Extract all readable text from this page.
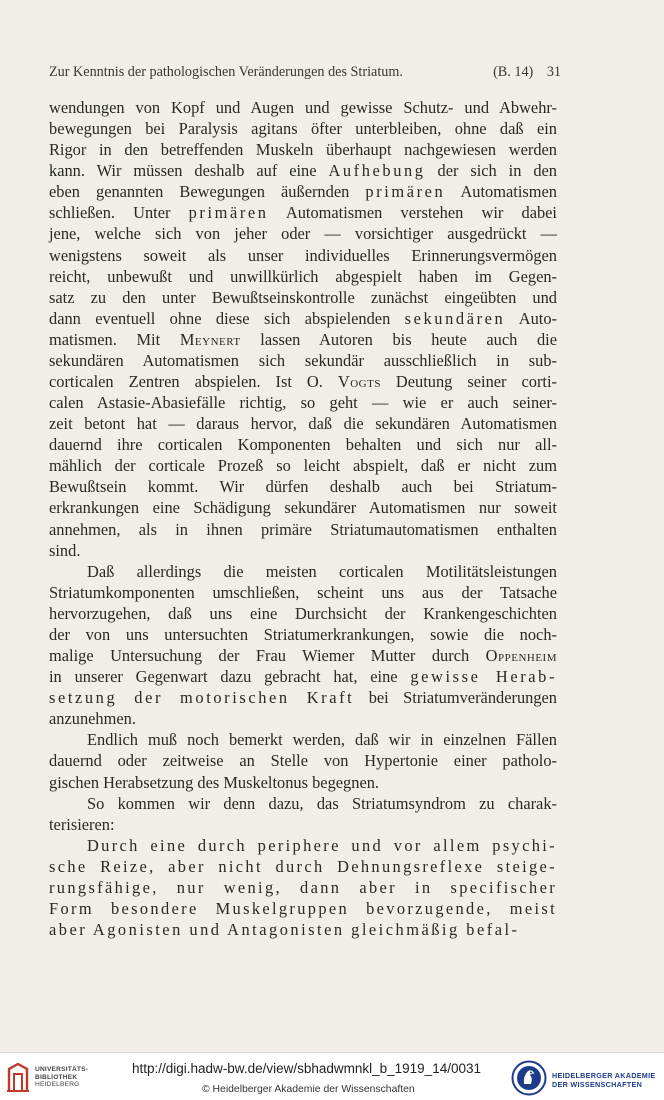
Zur Kenntnis der pathologischen Veränderungen des Striatum.	(B. 14) 31

wendungen von Kopf und Augen und gewisse Schutz- und Abwehr-

bewegungen bei Paralysis agitans öfter unterbleiben, ohne daß ein

Rigor in den betreffenden Muskeln überhaupt nachgewiesen werden

kann. Wir müssen deshalb auf eine Aufhebung der sich in den

eben genannten Bewegungen äußernden primären Automatismen

schließen. Unter primären Automatismen verstehen wir dabei

jene, welche sich von jeher oder — vorsichtiger ausgedrückt —

wenigstens soweit als unser individuelles Erinnerungsvermögen

reicht, unbewußt und unwillkürlich abgespielt haben im Gegen-

satz zu den unter Bewußtseinskontrolle zunächst eingeübten und

dann eventuell ohne diese sich abspielenden sekundären Auto-

matismen. Mit Meynert lassen Autoren bis heute auch die

sekundären Automatismen sich sekundär ausschließlich in sub-

corticalen Zentren abspielen. Ist O. Vogts Deutung seiner corti-

calen Astasie-Abasiefälle richtig, so geht — wie er auch seiner-

zeit betont hat — daraus hervor, daß die sekundären Automatismen

dauernd ihre corticalen Komponenten behalten und sich nur all-

mählich der corticale Prozeß so leicht abspielt, daß er nicht zum

Bewußtsein kommt. Wir dürfen deshalb auch bei Striatum-

erkrankungen eine Schädigung sekundärer Automatismen nur soweit

annehmen, als in ihnen primäre Striatumautomatismen enthalten

sind.

Daß allerdings die meisten corticalen Motilitätsleistungen

Striatumkomponenten umschließen, scheint uns aus der Tatsache

hervorzugehen, daß uns eine Durchsicht der Krankengeschichten

der von uns untersuchten Striatumerkrankungen, sowie die noch-

malige Untersuchung der Frau Wiemer Mutter durch Oppenheim

in unserer Gegenwart dazu gebracht hat, eine gewisse Herab-

setzung der motorischen Kraft bei Striatumveränderungen

anzunehmen.

Endlich muß noch bemerkt werden, daß wir in einzelnen Fällen

dauernd oder zeitweise an Stelle von Hypertonie einer patholo-

gischen Herabsetzung des Muskeltonus begegnen.

So kommen wir denn dazu, das Striatumsyndrom zu charak-

terisieren:

Durch eine durch periphere und vor allem psychi-

sche Reize, aber nicht durch Dehnungsreflexe steige-

rungsfähige, nur wenig, dann aber in specifischer

Form besondere Muskelgruppen bevorzugende, meist

aber Agonisten und Antagonisten gleichmäßig befal-

UNIVERSITÄTS-
BIBLIOTHEK
HEIDELBERG
http://digi.hadw-bw.de/view/sbhadwmnkl_b_1919_14/0031
© Heidelberger Akademie der Wissenschaften
HEIDELBERGER AKADEMIE
DER WISSENSCHAFTEN
